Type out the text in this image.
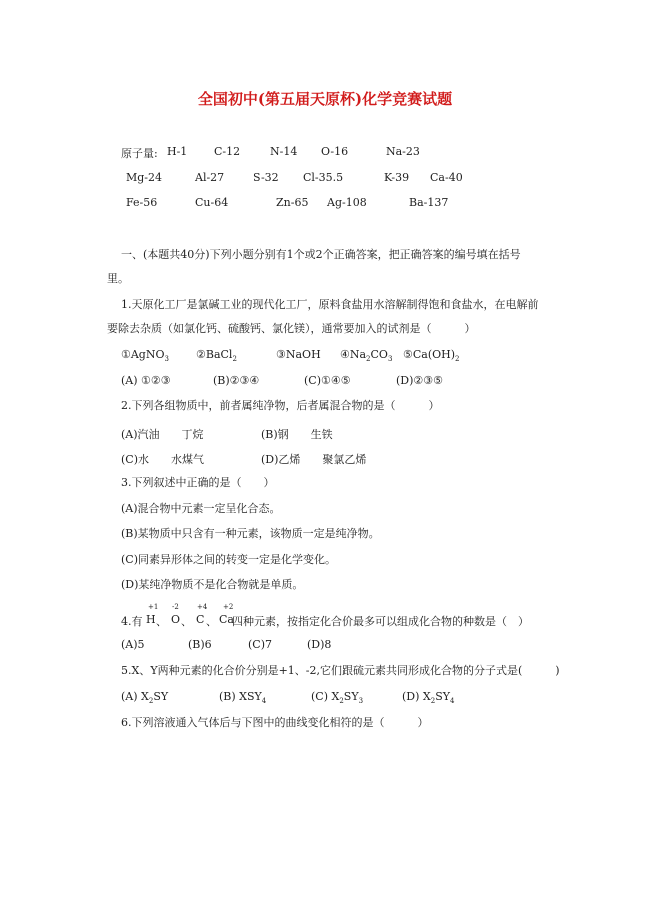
全国初中(第五届天原杯)化学竞赛试题
原子量: H-1 C-12	N-14 O-16	Na-23
Mg-24	Al-27	S-32 Cl-35.5	K-39 Ca-40
Fe-56	Cu-64	Zn-65 Ag-108	Ba-137
一、(本题共40分)下列小题分别有1个或2个正确答案，把正确答案的编号填在括号
里。
1.天原化工厂是氯碱工业的现代化工厂，原料食盐用水溶解制得饱和食盐水，在电解前
要除去杂质（如氯化钙、硫酸钙、氯化镁），通常要加入的试剂是（　　　）
①AgNO$_3$ ②BaCl$_2$	③NaOH $④Na_2CO_3$ $⑤Ca(OH)_2$
(A) ①②③	(B)②③④	(C)①④⑤	(D)②③⑤
2.下列各组物质中，前者属纯净物，后者属混合物的是（　　　）
(A)汽油　　丁烷	(B)钢　　生铁
(C)水　　水煤气	(D)乙烯　　聚氯乙烯
3.下列叙述中正确的是（　　）
(A)混合物中元素一定呈化合态。
(B)某物质中只含有一种元素，该物质一定是纯净物。
(C)同素异形体之间的转变一定是化学变化。
(D)某纯净物质不是化合物就是单质。
4.有
+1
H 、
-2
O 、
+4
C 、
+2
Ca
四种元素，按指定化合价最多可以组成化合物的种数是（　）
(A)5	(B)6	(C)7	(D)8
5.X、Y两种元素的化合价分别是+1、-2,它们跟硫元素共同形成化合物的分子式是(　　　)
(A) $X_2SY$	(B) $XSY_4$	(C) $X_2SY_3$	(D) $X_2SY_4$
6.下列溶液通入气体后与下图中的曲线变化相符的是（　　　）
